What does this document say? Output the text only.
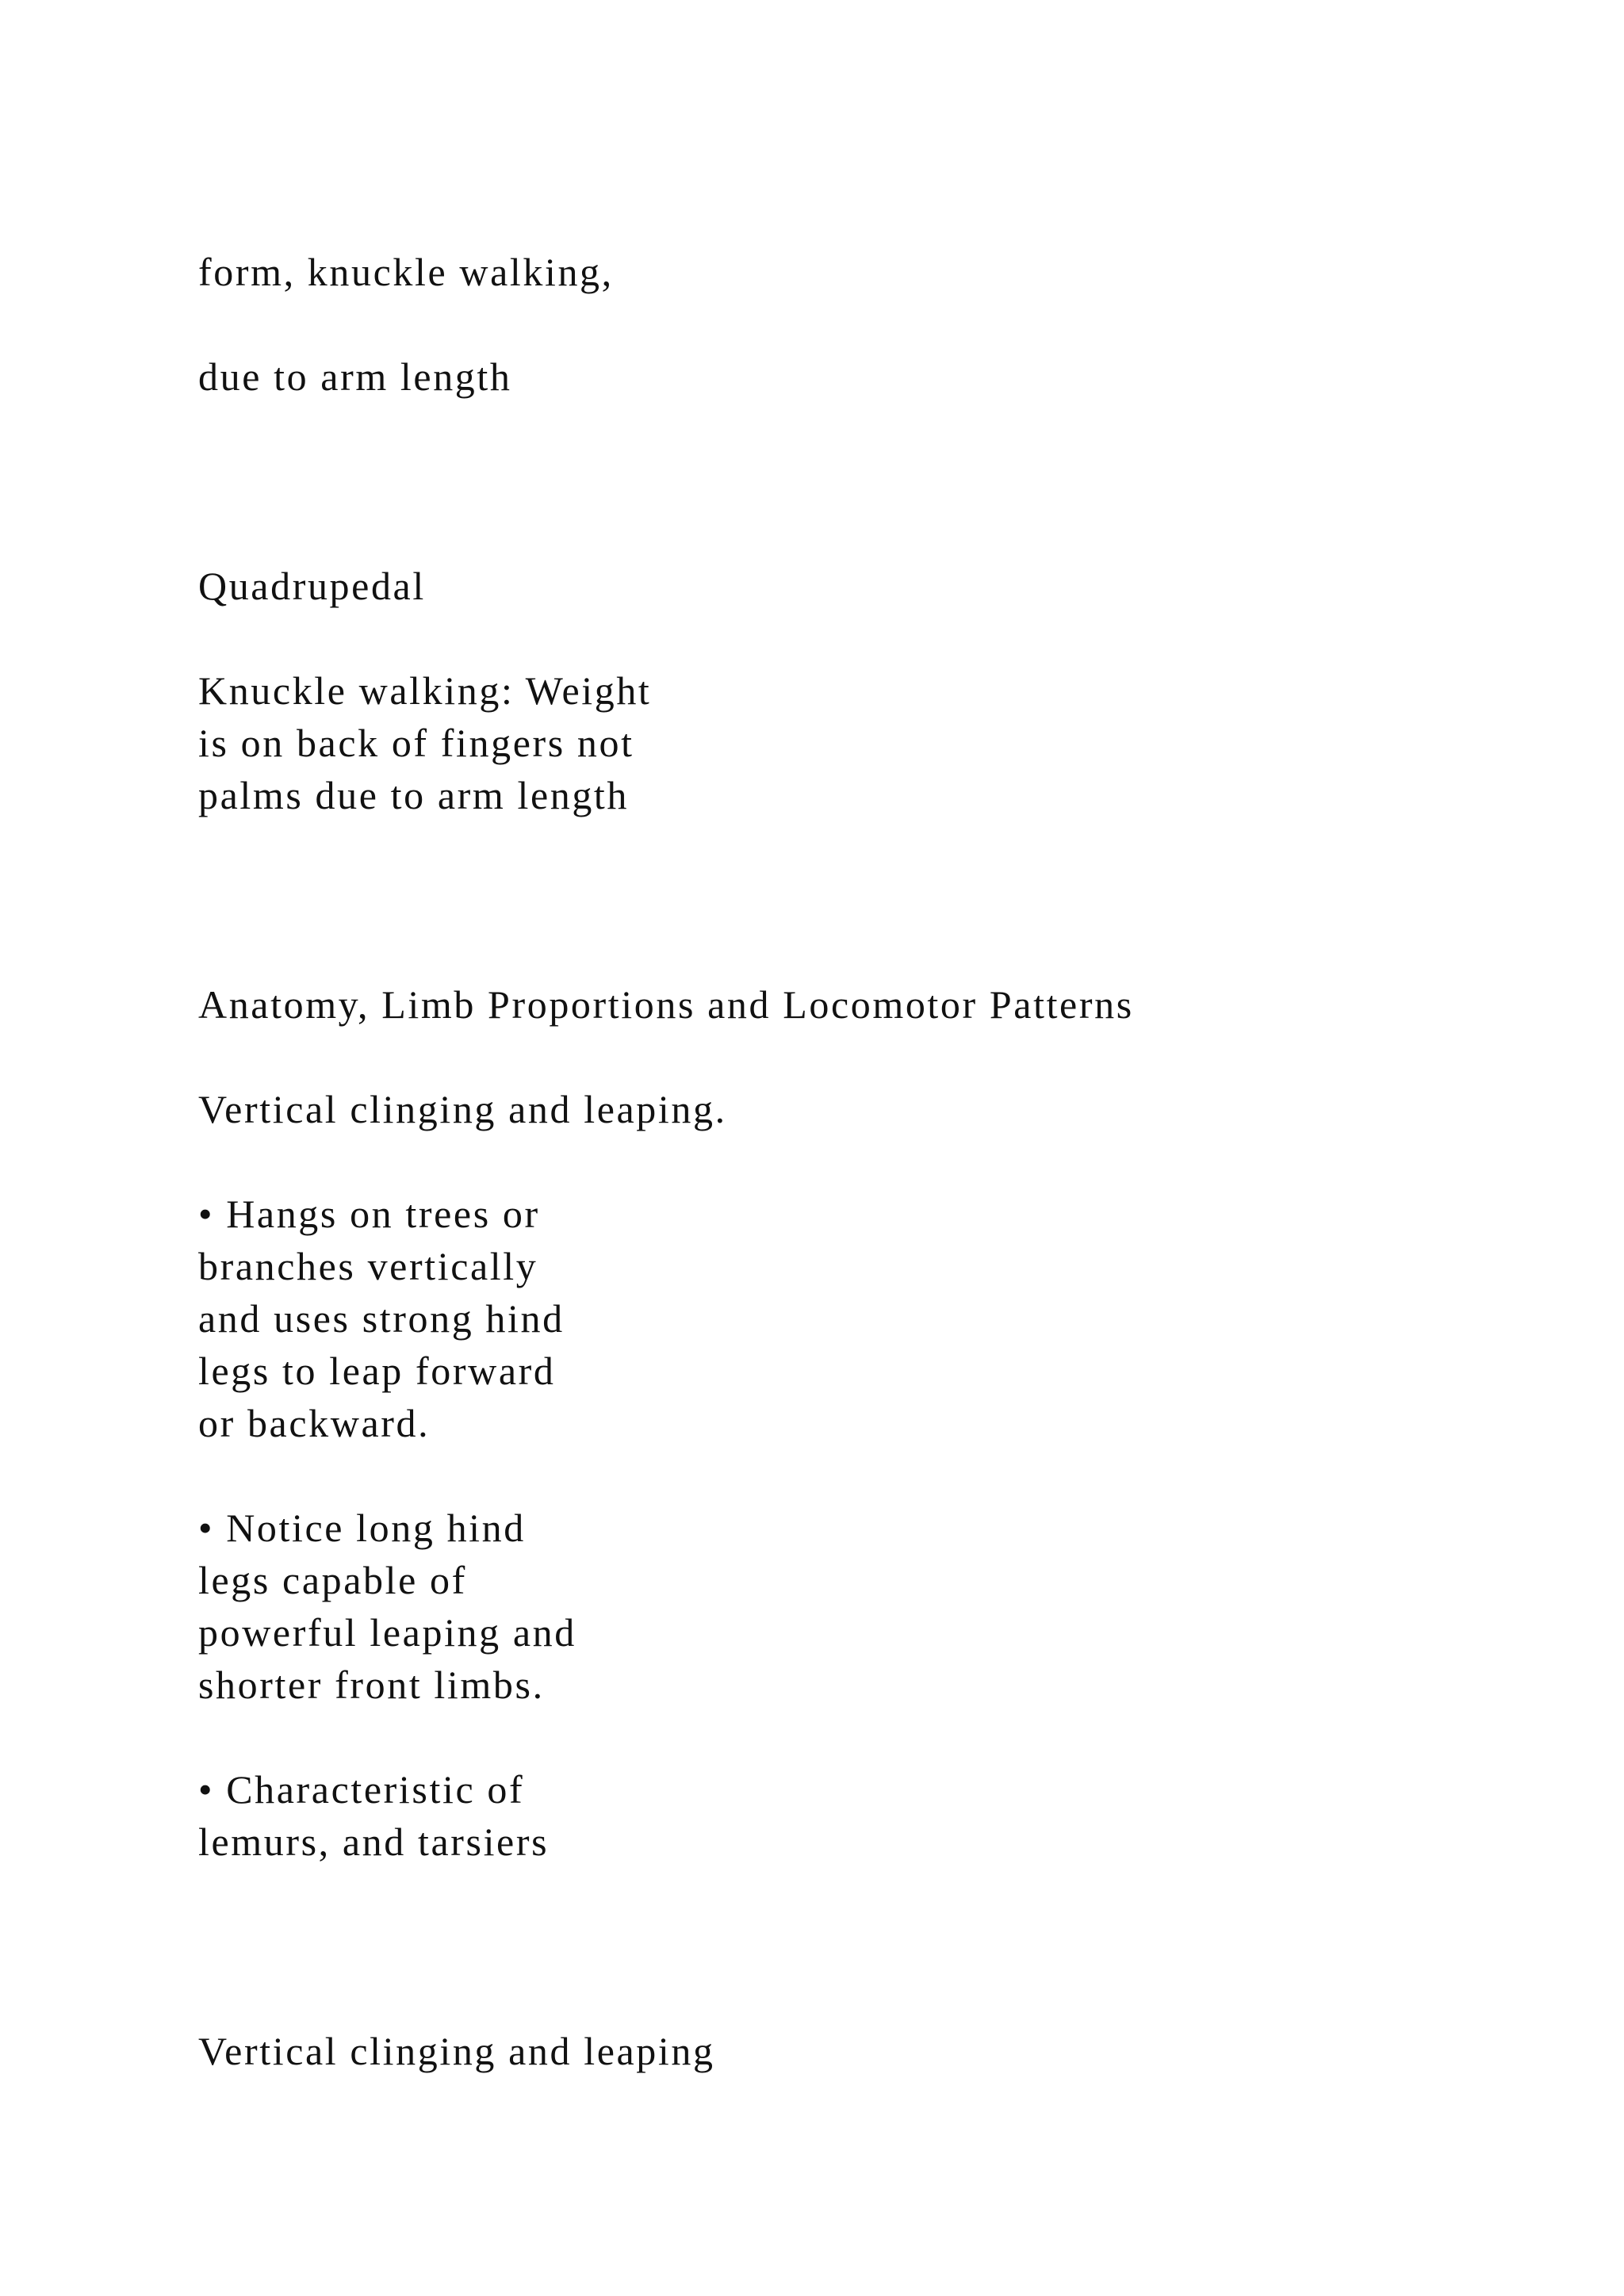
form, knuckle walking,

due to arm length

Quadrupedal

Knuckle walking: Weight

is on back of fingers not

palms due to arm length

Anatomy, Limb Proportions and Locomotor Patterns

Vertical clinging and leaping.

• Hangs on trees or

branches vertically

and uses strong hind

legs to leap forward

or backward.

• Notice long hind

legs capable of

powerful leaping and

shorter front limbs.

• Characteristic of

lemurs, and tarsiers

Vertical clinging and leaping
